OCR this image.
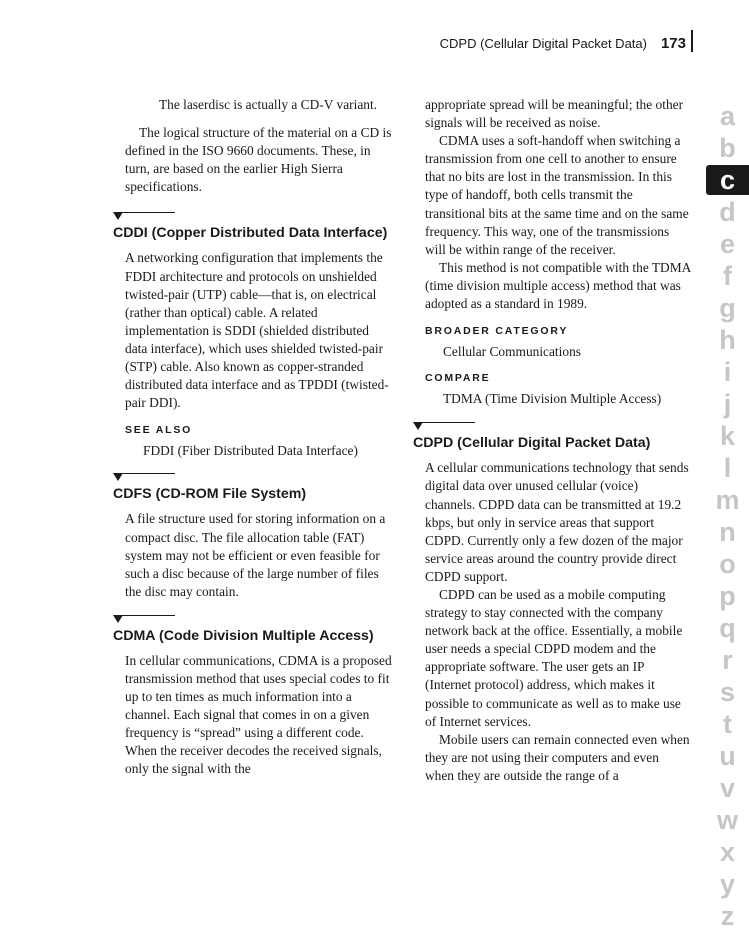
CDPD (Cellular Digital Packet Data) 173

The laserdisc is actually a CD-V variant.

The logical structure of the material on a CD is defined in the ISO 9660 documents. These, in turn, are based on the earlier High Sierra specifications.

CDDI (Copper Distributed Data Interface)

A networking configuration that implements the FDDI architecture and protocols on unshielded twisted-pair (UTP) cable—that is, on electrical (rather than optical) cable. A related implementation is SDDI (shielded distributed data interface), which uses shielded twisted-pair (STP) cable. Also known as copper-stranded distributed data interface and as TPDDI (twisted-pair DDI).

SEE ALSO

FDDI (Fiber Distributed Data Interface)

CDFS (CD-ROM File System)

A file structure used for storing information on a compact disc. The file allocation table (FAT) system may not be efficient or even feasible for such a disc because of the large number of files the disc may contain.

CDMA (Code Division Multiple Access)

In cellular communications, CDMA is a proposed transmission method that uses special codes to fit up to ten times as much information into a channel. Each signal that comes in on a given frequency is “spread” using a different code. When the receiver decodes the received signals, only the signal with the

appropriate spread will be meaningful; the other signals will be received as noise.

CDMA uses a soft-handoff when switching a transmission from one cell to another to ensure that no bits are lost in the transmission. In this type of handoff, both cells transmit the transitional bits at the same time and on the same frequency. This way, one of the transmissions will be within range of the receiver.

This method is not compatible with the TDMA (time division multiple access) method that was adopted as a standard in 1989.

BROADER CATEGORY

Cellular Communications

COMPARE

TDMA (Time Division Multiple Access)

CDPD (Cellular Digital Packet Data)

A cellular communications technology that sends digital data over unused cellular (voice) channels. CDPD data can be transmitted at 19.2 kbps, but only in service areas that support CDPD. Currently only a few dozen of the major service areas around the country provide direct CDPD support.

CDPD can be used as a mobile computing strategy to stay connected with the company network back at the office. Essentially, a mobile user needs a special CDPD modem and the appropriate software. The user gets an IP (Internet protocol) address, which makes it possible to communicate as well as to make use of Internet services.

Mobile users can remain connected even when they are not using their computers and even when they are outside the range of a

a
b
c
d
e
f
g
h
i
j
k
l
m
n
o
p
q
r
s
t
u
v
w
x
y
z
